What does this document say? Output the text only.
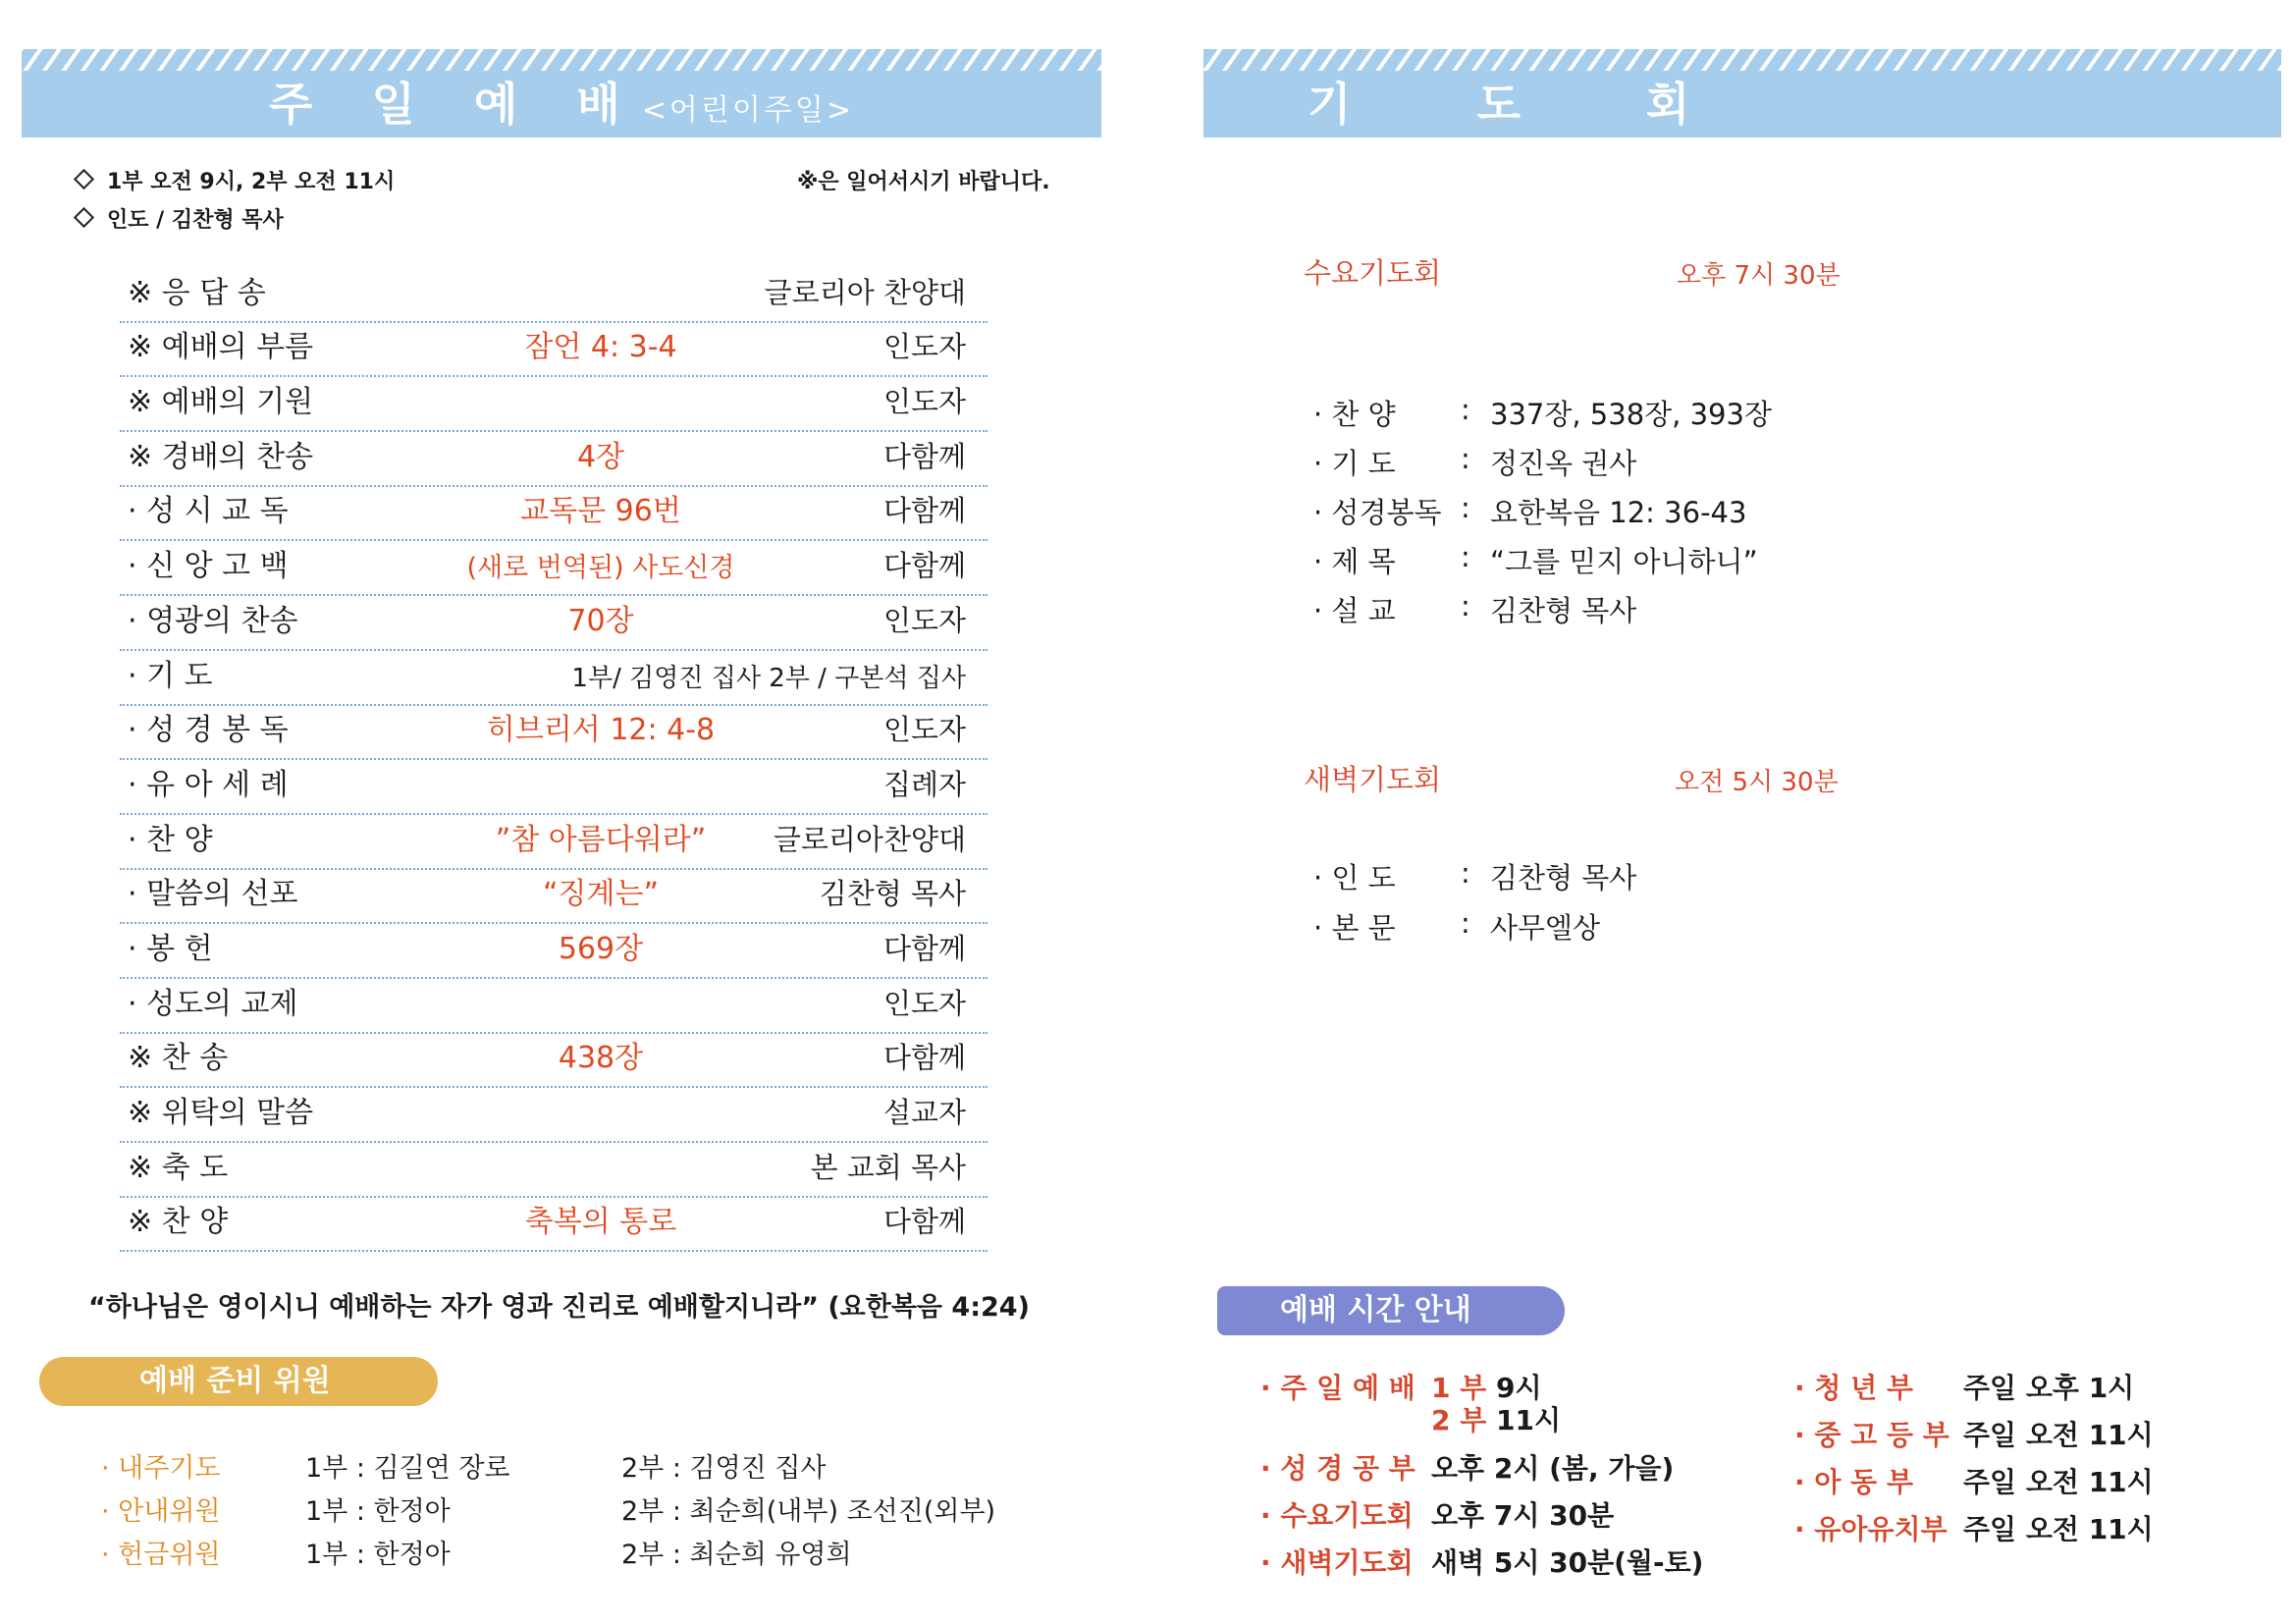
주 일 예 배<어린이주일>
1부 오전 9시, 2부 오전 11시
인도 / 김찬형 목사
※은 일어서시기 바랍니다.
※ 응 답 송	글로리아 찬양대
※ 예배의 부름	잠언 4: 3-4	인도자
※ 예배의 기원	인도자
※ 경배의 찬송	4장	다함께
· 성 시 교 독	교독문 96번	다함께
· 신 앙 고 백	(새로 번역된) 사도신경	다함께
· 영광의 찬송	70장	인도자
· 기 도	1부/ 김영진 집사 2부 / 구본석 집사
· 성 경 봉 독	히브리서 12: 4-8	인도자
· 유 아 세 례	집례자
· 찬 양	”참 아름다워라”	글로리아찬양대
· 말씀의 선포	“징계는”	김찬형 목사
· 봉 헌	569장	다함께
· 성도의 교제	인도자
※ 찬 송	438장	다함께
※ 위탁의 말씀	설교자
※ 축 도	본 교회 목사
※ 찬 양	축복의 통로	다함께
“하나님은 영이시니 예배하는 자가 영과 진리로 예배할지니라” (요한복음 4:24)
예배 준비 위원
· 내주기도	1부 : 김길연 장로	2부 : 김영진 집사
· 안내위원	1부 : 한정아	2부 : 최순희(내부) 조선진(외부)
· 헌금위원	1부 : 한정아	2부 : 최순희 유영희
기 도 회
수요기도회	오후 7시 30분
· 찬 양 : 337장, 538장, 393장
· 기 도 : 정진옥 권사
· 성경봉독 : 요한복음 12: 36-43
· 제 목 : “그를 믿지 아니하니”
· 설 교 : 김찬형 목사
새벽기도회	오전 5시 30분
· 인 도 : 김찬형 목사
· 본 문 : 사무엘상
예배 시간 안내
· 주 일 예 배 1 부 9시
2 부 11시
· 성 경 공 부 오후 2시 (봄, 가을)
· 수요기도회 오후 7시 30분
· 새벽기도회 새벽 5시 30분(월-토)
· 청 년 부 주일 오후 1시
· 중 고 등 부 주일 오전 11시
· 아 동 부 주일 오전 11시
· 유아유치부 주일 오전 11시
